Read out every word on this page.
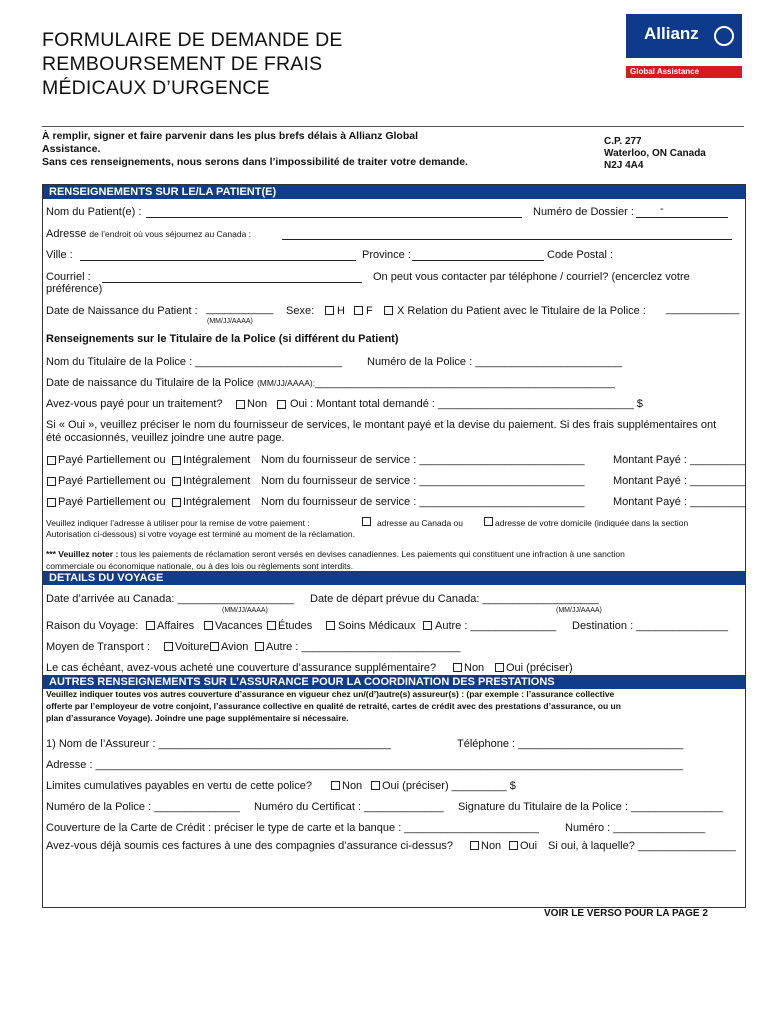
FORMULAIRE DE DEMANDE DE
REMBOURSEMENT DE FRAIS
MÉDICAUX D’URGENCE
Allianz
Global Assistance
À remplir, signer et faire parvenir dans les plus brefs délais à Allianz Global
Assistance.
Sans ces renseignements, nous serons dans l’impossibilité de traiter votre demande.
C.P. 277
Waterloo, ON Canada
N2J 4A4
RENSEIGNEMENTS SUR LE/LA PATIENT(E)
Nom du Patient(e) :	Numéro de Dossier : -
Adresse de l’endroit où vous séjournez au Canada :
Ville :	Province :	Code Postal :
Courriel :	On peut vous contacter par téléphone / courriel? (encerclez votre
préférence)
Date de Naissance du Patient : ___________
(MM/JJ/AAAA)
Sexe: H F X Relation du Patient avec le Titulaire de la Police : ____________
Renseignements sur le Titulaire de la Police (si différent du Patient)
Nom du Titulaire de la Police : ________________________ Numéro de la Police : ________________________
Date de naissance du Titulaire de la Police (MM/JJ/AAAA):_________________________________________________
Avez-vous payé pour un traitement? Non Oui : Montant total demandé : ________________________________ $
Si « Oui », veuillez préciser le nom du fournisseur de services, le montant payé et la devise du paiement. Si des frais supplémentaires ont
été occasionnés, veuillez joindre une autre page.
Payé Partiellement ou Intégralement Nom du fournisseur de service : ___________________________	Montant Payé : _________
Payé Partiellement ou Intégralement Nom du fournisseur de service : ___________________________	Montant Payé : _________
Payé Partiellement ou Intégralement Nom du fournisseur de service : ___________________________	Montant Payé : _________
Veuillez indiquer l’adresse à utiliser pour la remise de votre paiement :	adresse au Canada ou	adresse de votre domicile (indiquée dans la section
Autorisation ci-dessous) si votre voyage est terminé au moment de la réclamation.
*** Veuillez noter : tous les paiements de réclamation seront versés en devises canadiennes. Les paiements qui constituent une infraction à une sanction
commerciale ou économique nationale, ou à des lois ou règlements sont interdits.
DETAILS DU VOYAGE
Date d’arrivée au Canada: ___________________ Date de départ prévue du Canada: ___________________
(MM/JJ/AAAA)	(MM/JJ/AAAA)
Raison du Voyage: Affaires Vacances Études Soins Médicaux Autre : ______________ Destination : _______________
Moyen de Transport : Voiture Avion Autre : __________________________
Le cas échéant, avez-vous acheté une couverture d’assurance supplémentaire?	Non Oui (préciser)
AUTRES RENSEIGNEMENTS SUR L’ASSURANCE POUR LA COORDINATION DES PRESTATIONS
Veuillez indiquer toutes vos autres couverture d’assurance en vigueur chez un/(d’)autre(s) assureur(s) : (par exemple : l’assurance collective
offerte par l’employeur de votre conjoint, l’assurance collective en qualité de retraité, cartes de crédit avec des prestations d’assurance, ou un
plan d’assurance Voyage). Joindre une page supplémentaire si nécessaire.
1) Nom de l’Assureur : ______________________________________	Téléphone : ___________________________
Adresse : ________________________________________________________________________________________________
Limites cumulatives payables en vertu de cette police?	Non Oui (préciser) _________ $
Numéro de la Police : ______________ Numéro du Certificat : _____________ Signature du Titulaire de la Police : _______________
Couverture de la Carte de Crédit : préciser le type de carte et la banque : ______________________ Numéro : _______________
Avez-vous déjà soumis ces factures à une des compagnies d’assurance ci-dessus?	Non Oui Si oui, à laquelle? ________________
VOIR LE VERSO POUR LA PAGE 2
